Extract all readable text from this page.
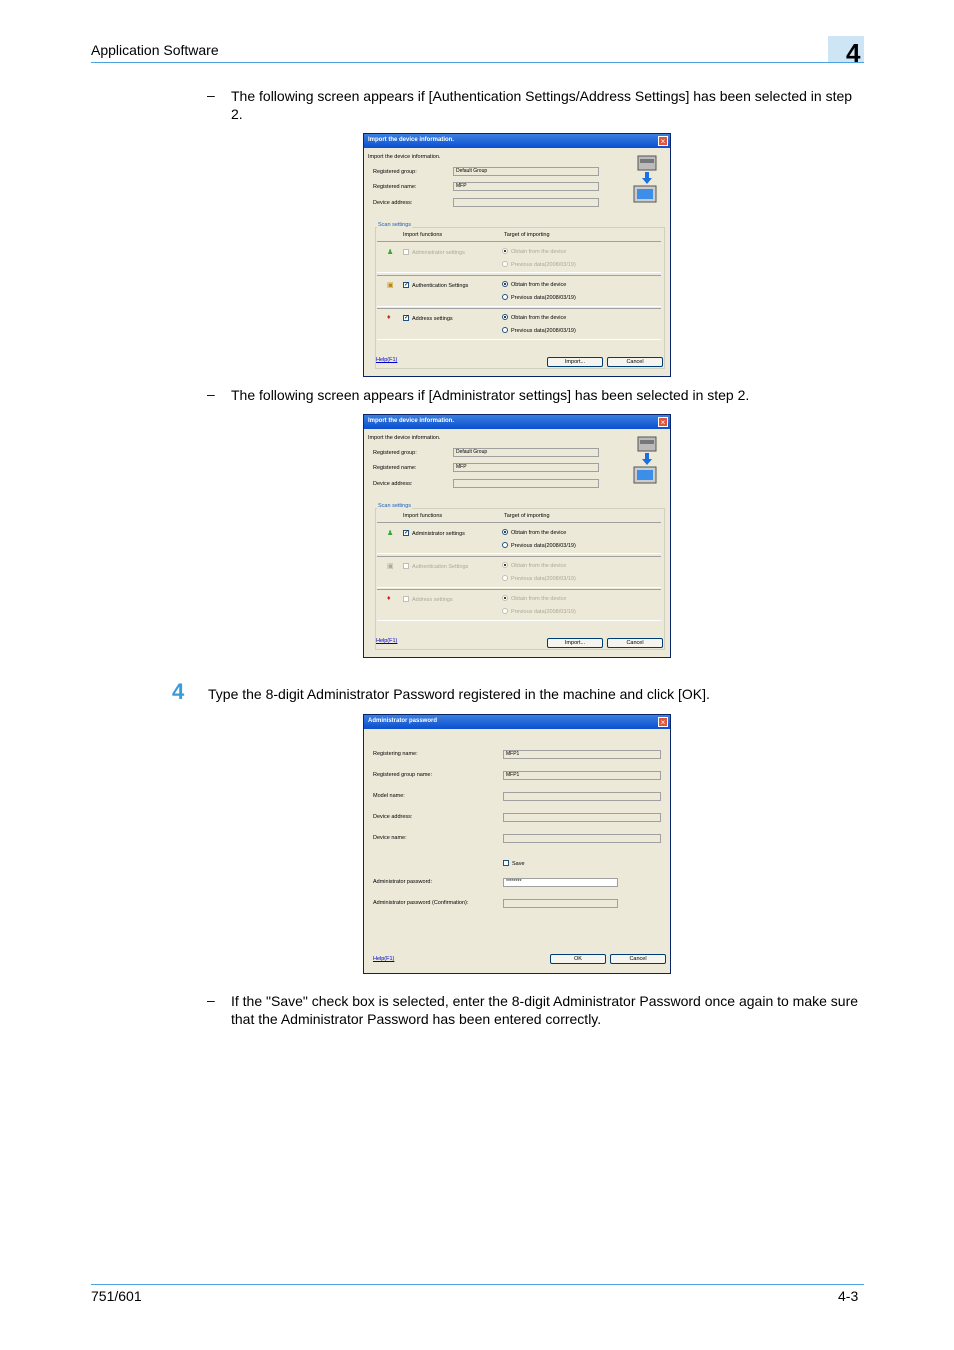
Application Software	4
– The following screen appears if [Authentication Settings/Address Settings] has been selected in step 2.
Import the device information.	×
Import the device information.
Registered group:	Default Group
Registered name:	MFP
Device address:
Scan settings
Import functions	Target of importing
♟	Administrator settings	Obtain from the device
Previous data(2008/03/19)
▣ ✓ Authentication Settings	Obtain from the device
Previous data(2008/03/19)
♦ ✓ Address settings	Obtain from the device
Previous data(2008/03/19)
Help(F1)	Import...	Cancel
– The following screen appears if [Administrator settings] has been selected in step 2.
Import the device information.	×
Import the device information.
Registered group:	Default Group
Registered name:	MFP
Device address:
Scan settings
Import functions	Target of importing
♟ ✓ Administrator settings	Obtain from the device
Previous data(2008/03/19)
▣	Authentication Settings	Obtain from the device
Previous data(2008/03/19)
♦	Address settings	Obtain from the device
Previous data(2008/03/19)
Help(F1)	Import...	Cancel
4 Type the 8-digit Administrator Password registered in the machine and click [OK].
Administrator password	×
Registering name:	MFP1
Registered group name:	MFP1
Model name:
Device address:
Device name:
Save
Administrator password:	********
Administrator password (Confirmation):
Help(F1)	OK	Cancel
– If the "Save" check box is selected, enter the 8-digit Administrator Password once again to make sure that the Administrator Password has been entered correctly.
751/601	4-3
